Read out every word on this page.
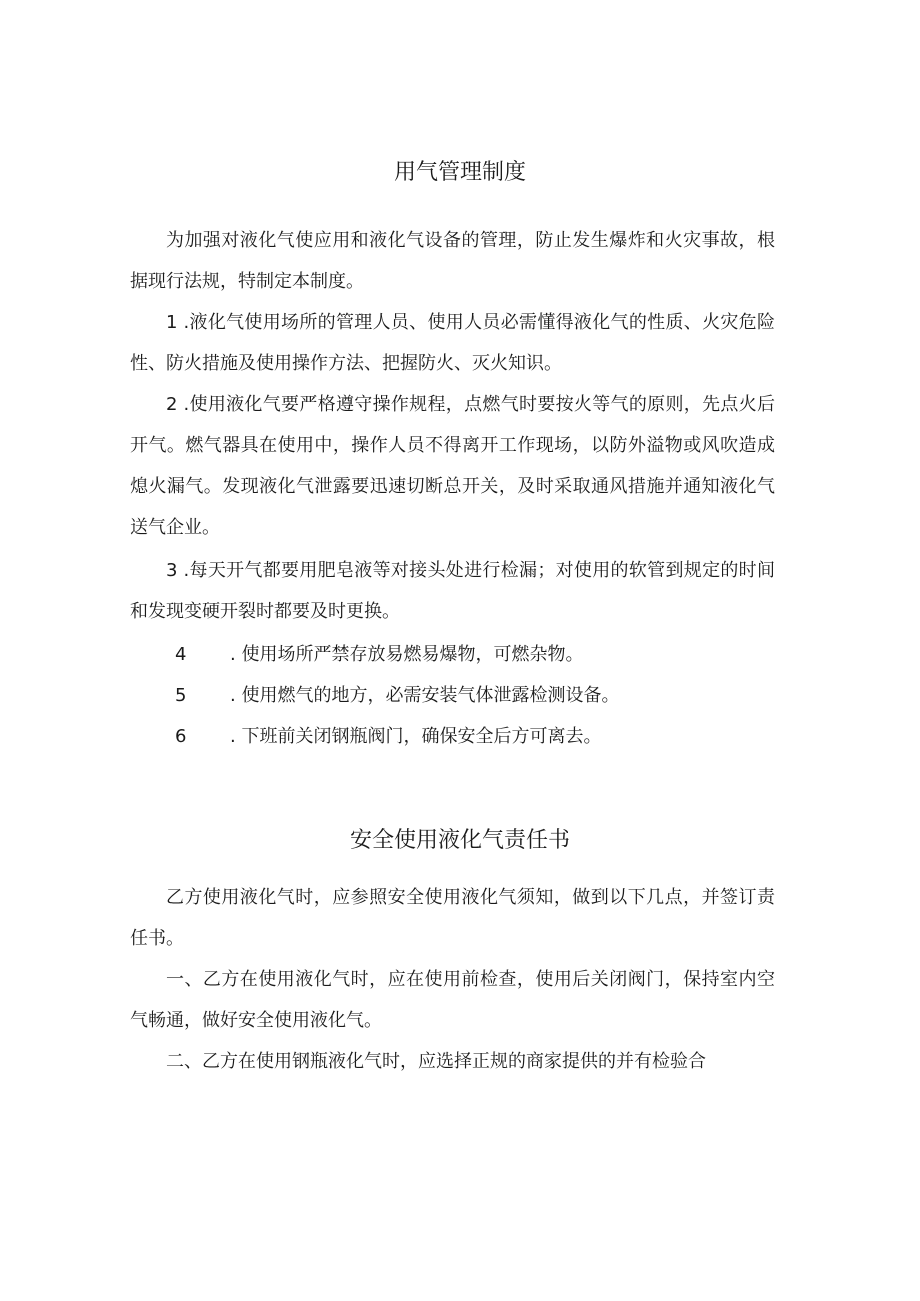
用气管理制度

为加强对液化气使应用和液化气设备的管理，防止发生爆炸和火灾事故，根据现行法规，特制定本制度。

1 .液化气使用场所的管理人员、使用人员必需懂得液化气的性质、火灾危险性、防火措施及使用操作方法、把握防火、灭火知识。

2 .使用液化气要严格遵守操作规程，点燃气时要按火等气的原则，先点火后开气。燃气器具在使用中，操作人员不得离开工作现场，以防外溢物或风吹造成熄火漏气。发现液化气泄露要迅速切断总开关，及时采取通风措施并通知液化气送气企业。

3 .每天开气都要用肥皂液等对接头处进行检漏；对使用的软管到规定的时间和发现变硬开裂时都要及时更换。

4	. 使用场所严禁存放易燃易爆物，可燃杂物。

5	. 使用燃气的地方，必需安装气体泄露检测设备。

6	. 下班前关闭钢瓶阀门，确保安全后方可离去。

安全使用液化气责任书

乙方使用液化气时，应参照安全使用液化气须知，做到以下几点，并签订责任书。

一、乙方在使用液化气时，应在使用前检查，使用后关闭阀门，保持室内空气畅通，做好安全使用液化气。

二、乙方在使用钢瓶液化气时，应选择正规的商家提供的并有检验合
